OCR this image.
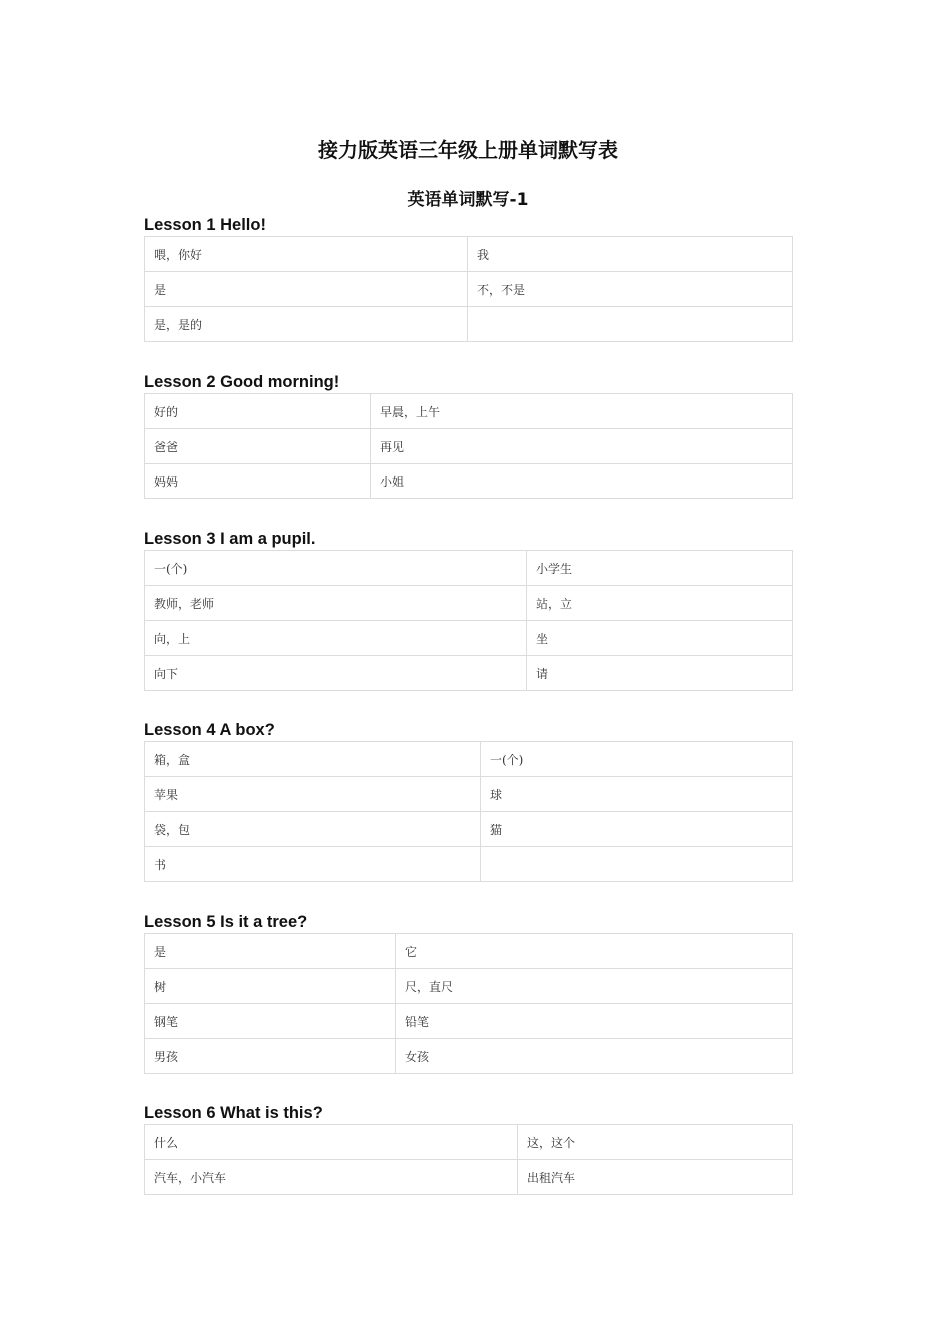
接力版英语三年级上册单词默写表
英语单词默写-1
Lesson 1 Hello!
喂，你好	我
是	不，不是
是，是的	
Lesson 2 Good morning!
好的	早晨，上午
爸爸	再见
妈妈	小姐
Lesson 3 I am a pupil.
一(个)	小学生
教师，老师	站，立
向，上	坐
向下	请
Lesson 4 A box?
箱，盒	一(个)
苹果	球
袋，包	猫
书	
Lesson 5 Is it a tree?
是	它
树	尺，直尺
钢笔	铅笔
男孩	女孩
Lesson 6 What is this?
什么	这，这个
汽车，小汽车	出租汽车
